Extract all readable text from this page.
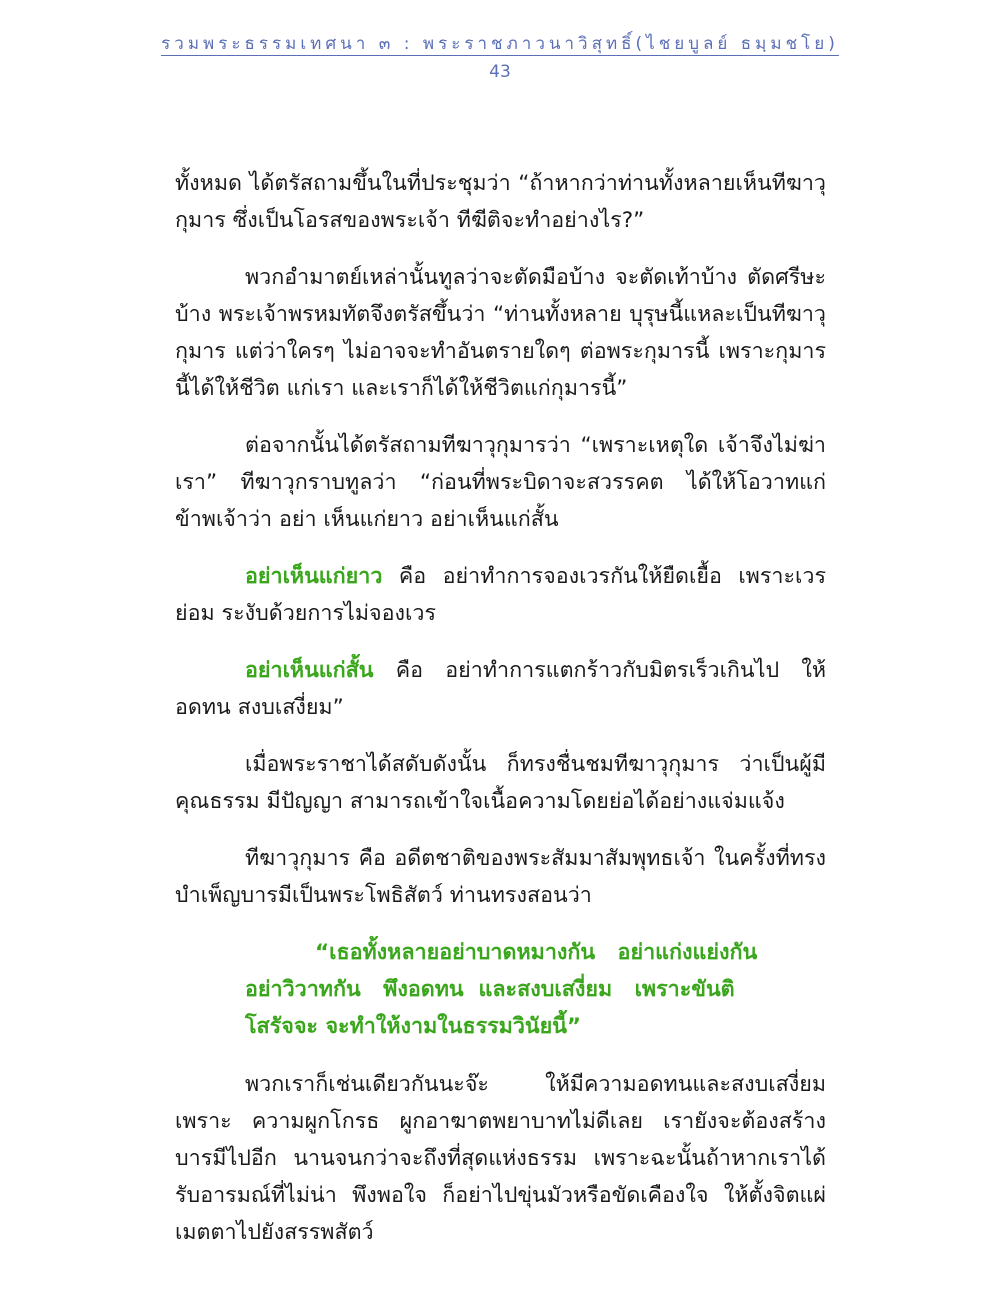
รวมพระธรรมเทศนา ๓ : พระราชภาวนาวิสุทธิ์(ไชยบูลย์ ธมฺมชโย)
43

ทั้งหมด ได้ตรัสถามขึ้นในที่ประชุมว่า “ถ้าหากว่าท่านทั้งหลายเห็นทีฆาวุกุมาร ซึ่งเป็นโอรสของพระเจ้า ทีฆีติจะทำอย่างไร?”

พวกอำมาตย์เหล่านั้นทูลว่าจะตัดมือบ้าง จะตัดเท้าบ้าง ตัดศรีษะบ้าง พระเจ้าพรหมทัตจึงตรัสขึ้นว่า “ท่านทั้งหลาย บุรุษนี้แหละเป็นทีฆาวุกุมาร แต่ว่าใครๆ ไม่อาจจะทำอันตรายใดๆ ต่อพระกุมารนี้ เพราะกุมารนี้ได้ให้ชีวิต แก่เรา และเราก็ได้ให้ชีวิตแก่กุมารนี้”

ต่อจากนั้นได้ตรัสถามทีฆาวุกุมารว่า “เพราะเหตุใด เจ้าจึงไม่ฆ่าเรา” ทีฆาวุกราบทูลว่า “ก่อนที่พระบิดาจะสวรรคต ได้ให้โอวาทแก่ข้าพเจ้าว่า อย่า เห็นแก่ยาว อย่าเห็นแก่สั้น

อย่าเห็นแก่ยาว คือ อย่าทำการจองเวรกันให้ยืดเยื้อ เพราะเวรย่อม ระงับด้วยการไม่จองเวร

อย่าเห็นแก่สั้น คือ อย่าทำการแตกร้าวกับมิตรเร็วเกินไป ให้อดทน สงบเสงี่ยม”

เมื่อพระราชาได้สดับดังนั้น ก็ทรงชื่นชมทีฆาวุกุมาร ว่าเป็นผู้มีคุณธรรม มีปัญญา สามารถเข้าใจเนื้อความโดยย่อได้อย่างแจ่มแจ้ง

ทีฆาวุกุมาร คือ อดีตชาติของพระสัมมาสัมพุทธเจ้า ในครั้งที่ทรง บำเพ็ญบารมีเป็นพระโพธิสัตว์ ท่านทรงสอนว่า

“เธอทั้งหลายอย่าบาดหมางกัน   อย่าแก่งแย่งกัน
อย่าวิวาทกัน   พึงอดทน  และสงบเสงี่ยม   เพราะขันติ
โสรัจจะ จะทำให้งามในธรรมวินัยนี้”

พวกเราก็เช่นเดียวกันนะจ๊ะ ให้มีความอดทนและสงบเสงี่ยม เพราะ ความผูกโกรธ ผูกอาฆาตพยาบาทไม่ดีเลย เรายังจะต้องสร้างบารมีไปอีก นานจนกว่าจะถึงที่สุดแห่งธรรม เพราะฉะนั้นถ้าหากเราได้รับอารมณ์ที่ไม่น่า พึงพอใจ ก็อย่าไปขุ่นมัวหรือขัดเคืองใจ ให้ตั้งจิตแผ่เมตตาไปยังสรรพสัตว์
